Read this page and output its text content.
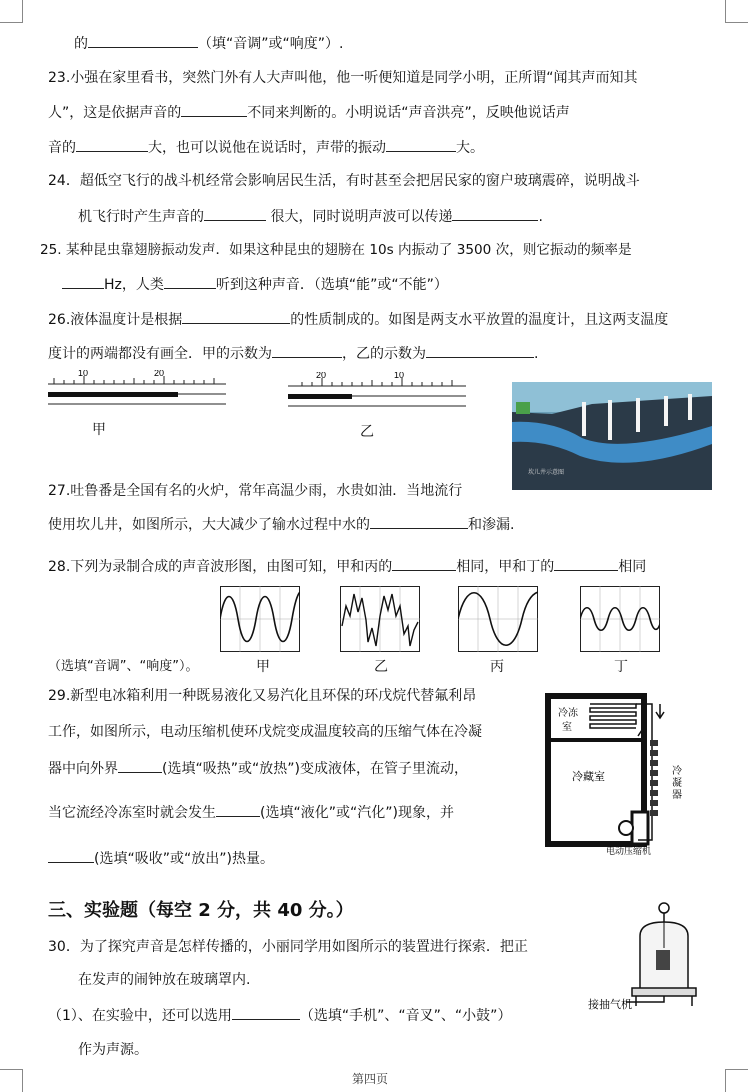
的	（填“音调”或“响度”）.
23.小强在家里看书，突然门外有人大声叫他，他一听便知道是同学小明，正所谓“闻其声而知其
人”，这是依据声音的	不同来判断的。小明说话“声音洪亮”，反映他说话声
音的	大，也可以说他在说话时，声带的振动	大。
24．超低空飞行的战斗机经常会影响居民生活，有时甚至会把居民家的窗户玻璃震碎，说明战斗
机飞行时产生声音的	很大，同时说明声波可以传递	.
25. 某种昆虫靠翅膀振动发声．如果这种昆虫的翅膀在 10s 内振动了 3500 次，则它振动的频率是
Hz，人类	听到这种声音．（选填“能”或“不能”）
26.液体温度计是根据	的性质制成的。如图是两支水平放置的温度计，且这两支温度
度计的两端都没有画全．甲的示数为	，乙的示数为	.
10	20
甲
20	10
乙
坎儿井示意图
27.吐鲁番是全国有名的火炉，常年高温少雨，水贵如油．当地流行
使用坎儿井，如图所示，大大减少了输水过程中水的	和渗漏.
28.下列为录制合成的声音波形图，由图可知，甲和丙的	相同，甲和丁的	相同
（选填“音调”、“响度”）。	甲	乙	丙	丁
29.新型电冰箱利用一种既易液化又易汽化且环保的环戊烷代替氟利昂
工作，如图所示，电动压缩机使环戊烷变成温度较高的压缩气体在冷凝
器中向外界	(选填“吸热”或“放热”)变成液体，在管子里流动，
当它流经冷冻室时就会发生	(选填“液化”或“汽化”)现象，并
(选填“吸收”或“放出”)热量。
冷冻
室
冷藏室	冷
凝
器
电动压缩机
三、实验题（每空 2 分，共 40 分。）
30．为了探究声音是怎样传播的，小丽同学用如图所示的装置进行探索．把正
在发声的闹钟放在玻璃罩内.
（1）、在实验中，还可以选用	（选填“手机”、“音叉”、“小鼓”）
作为声源。
接抽气机
第四页
